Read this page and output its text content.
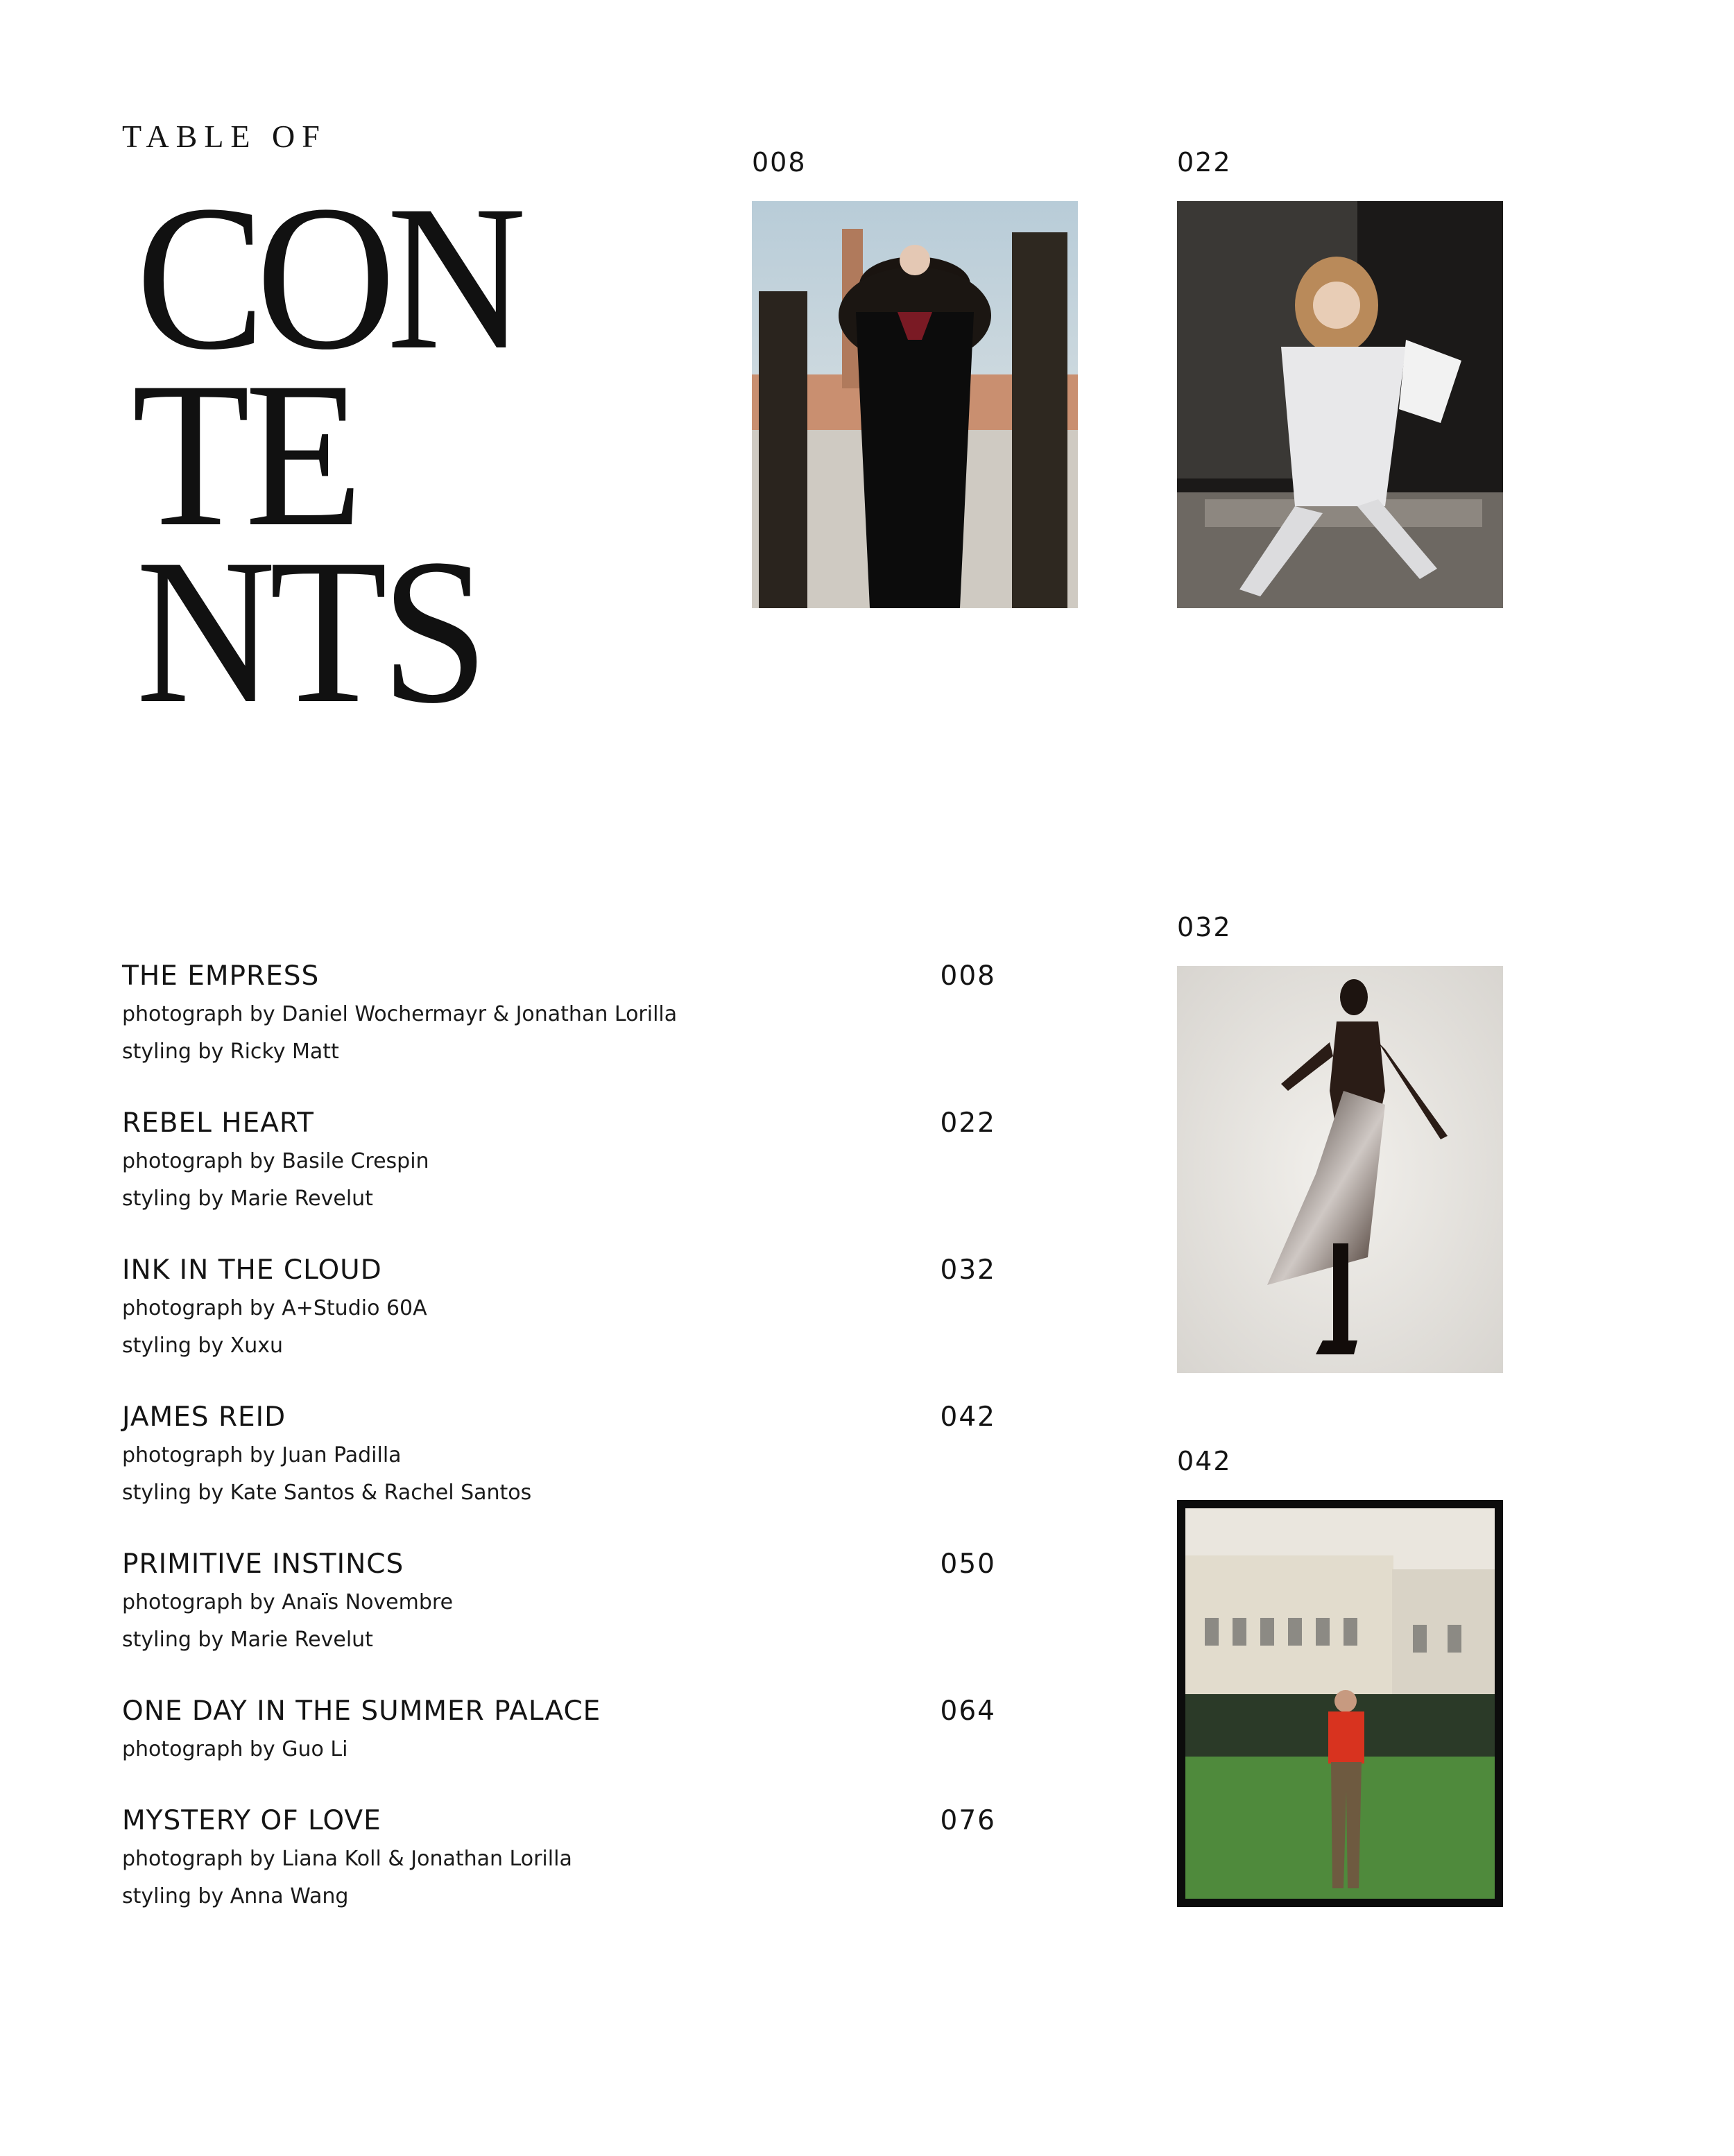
TABLE OF
CON
TE
NTS
008	022
032
042
THE EMPRESS	008
photograph by Daniel Wochermayr & Jonathan Lorilla
styling by Ricky Matt
REBEL HEART	022
photograph by Basile Crespin
styling by Marie Revelut
INK IN THE CLOUD	032
photograph by A+Studio 60A
styling by Xuxu
JAMES REID	042
photograph by Juan Padilla
styling by Kate Santos & Rachel Santos
PRIMITIVE INSTINCS	050
photograph by Anaïs Novembre
styling by Marie Revelut
ONE DAY IN THE SUMMER PALACE	064
photograph by Guo Li
MYSTERY OF LOVE	076
photograph by Liana Koll & Jonathan Lorilla
styling by Anna Wang
